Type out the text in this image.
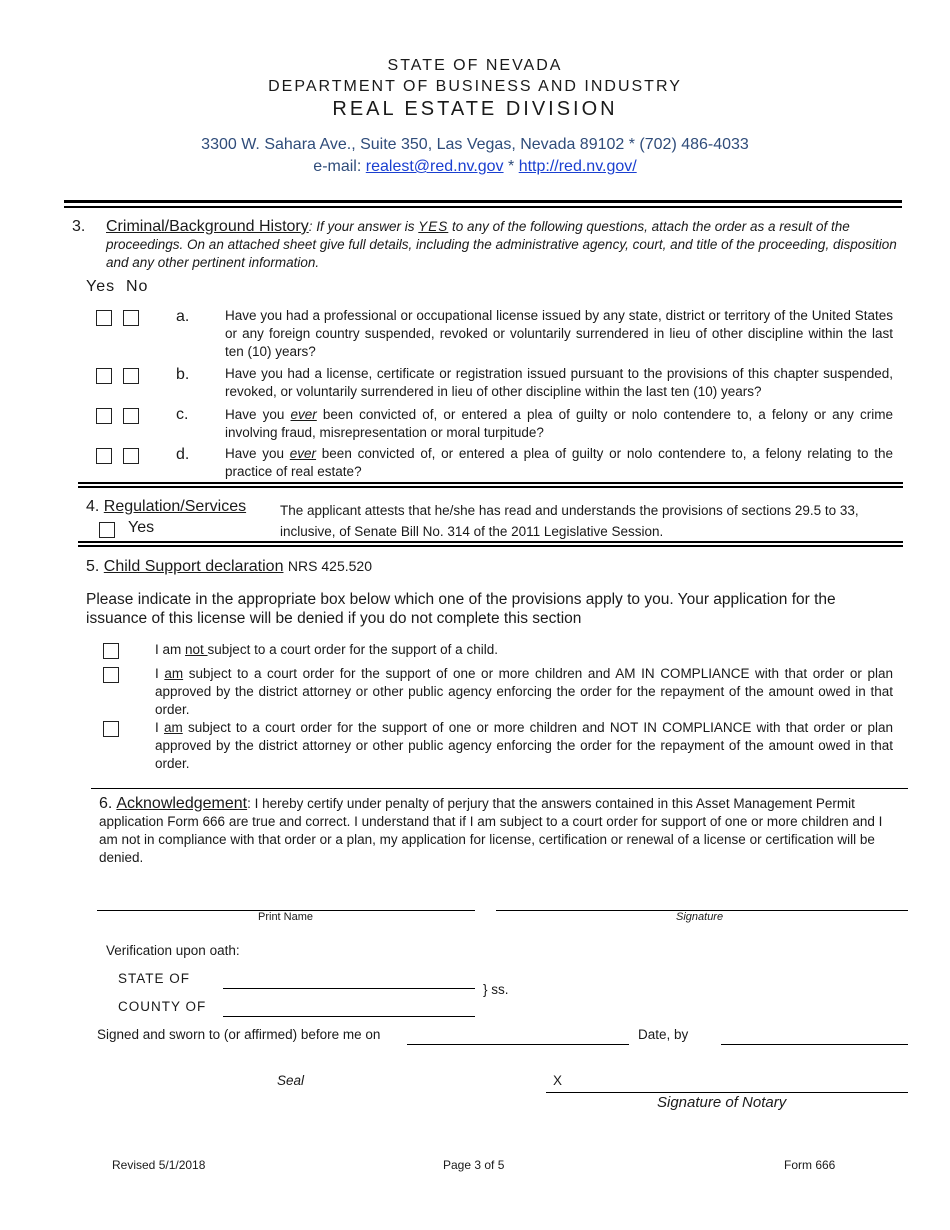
STATE OF NEVADA
DEPARTMENT OF BUSINESS AND INDUSTRY
REAL ESTATE DIVISION
3300 W. Sahara Ave., Suite 350, Las Vegas, Nevada 89102 * (702) 486-4033
e-mail: realest@red.nv.gov * http://red.nv.gov/
3. Criminal/Background History: If your answer is YES to any of the following questions, attach the order as a result of the proceedings. On an attached sheet give full details, including the administrative agency, court, and title of the proceeding, disposition and any other pertinent information.
Yes  No
a.	Have you had a professional or occupational license issued by any state, district or territory of the United States or any foreign country suspended, revoked or voluntarily surrendered in lieu of other discipline within the last ten (10) years?
b.	Have you had a license, certificate or registration issued pursuant to the provisions of this chapter suspended, revoked, or voluntarily surrendered in lieu of other discipline within the last ten (10) years?
c.	Have you ever been convicted of, or entered a plea of guilty or nolo contendere to, a felony or any crime involving fraud, misrepresentation or moral turpitude?
d.	Have you ever been convicted of, or entered a plea of guilty or nolo contendere to, a felony relating to the practice of real estate?
4. Regulation/Services
Yes
The applicant attests that he/she has read and understands the provisions of sections 29.5 to 33, inclusive, of Senate Bill No. 314 of the 2011 Legislative Session.
5. Child Support declaration NRS 425.520
Please indicate in the appropriate box below which one of the provisions apply to you. Your application for the issuance of this license will be denied if you do not complete this section
I am not subject to a court order for the support of a child.
I am subject to a court order for the support of one or more children and AM IN COMPLIANCE with that order or plan approved by the district attorney or other public agency enforcing the order for the repayment of the amount owed in that order.
I am subject to a court order for the support of one or more children and NOT IN COMPLIANCE with that order or plan approved by the district attorney or other public agency enforcing the order for the repayment of the amount owed in that order.
6. Acknowledgement: I hereby certify under penalty of perjury that the answers contained in this Asset Management Permit application Form 666 are true and correct. I understand that if I am subject to a court order for support of one or more children and I am not in compliance with that order or a plan, my application for license, certification or renewal of a license or certification will be denied.
Print Name	Signature
Verification upon oath:
STATE OF
} ss.
COUNTY OF
Signed and sworn to (or affirmed) before me on	Date, by
Seal	X
Signature of Notary
Revised 5/1/2018	Page 3 of 5	Form 666
